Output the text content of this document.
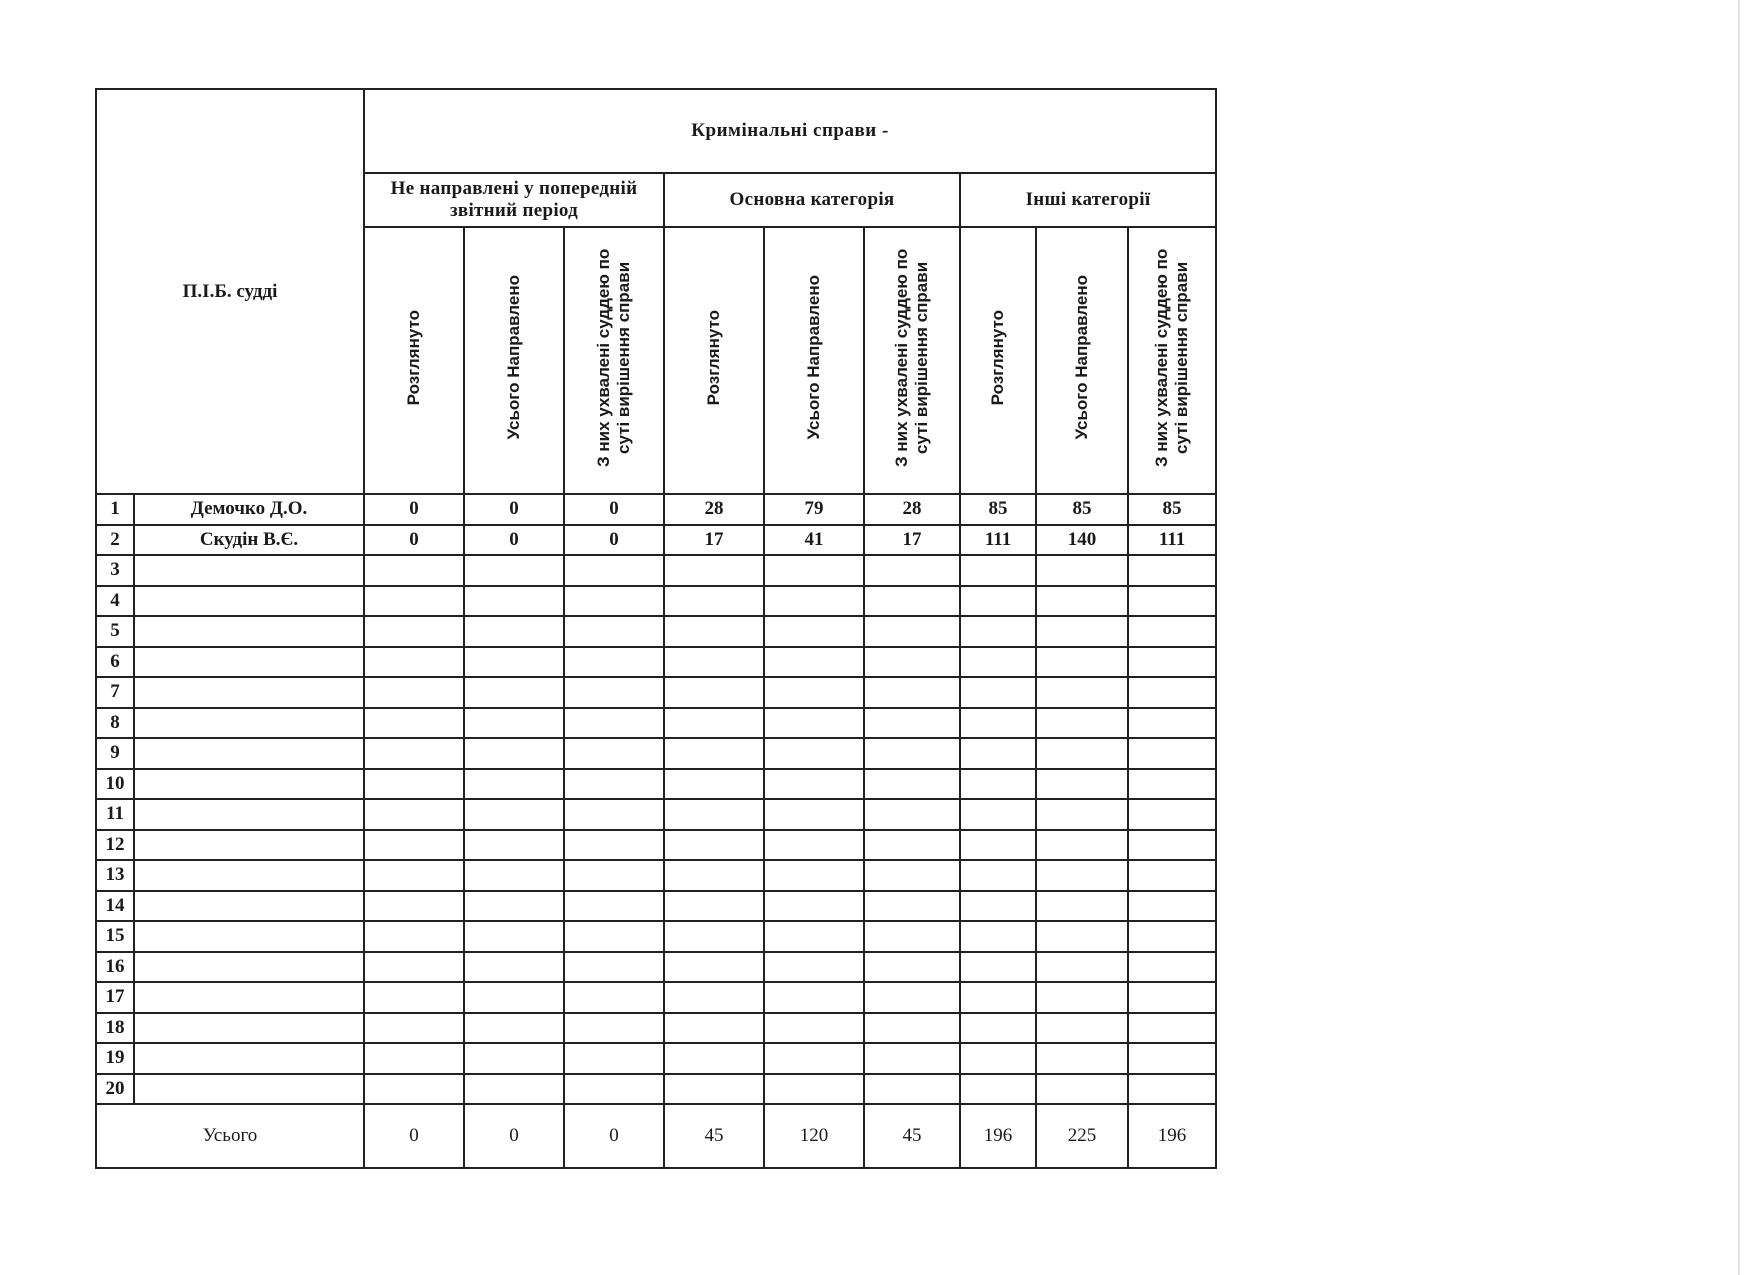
П.І.Б. судді		Кримінальні справи -								
		Не направлені у попередній звітний період			Основна категорія			Інші категорії		
		Розглянуто	Усього Направлено	З них ухвалені суддею по суті вирішення справи	Розглянуто	Усього Направлено	З них ухвалені суддею по суті вирішення справи	Розглянуто	Усього Направлено	З них ухвалені суддею по суті вирішення справи
1	Демочко Д.О.	0	0	0	28	79	28	85	85	85
2	Скудін В.Є.	0	0	0	17	41	17	111	140	111
3										
4										
5										
6										
7										
8										
9										
10										
11										
12										
13										
14										
15										
16										
17										
18										
19										
20										
Усього		0	0	0	45	120	45	196	225	196
